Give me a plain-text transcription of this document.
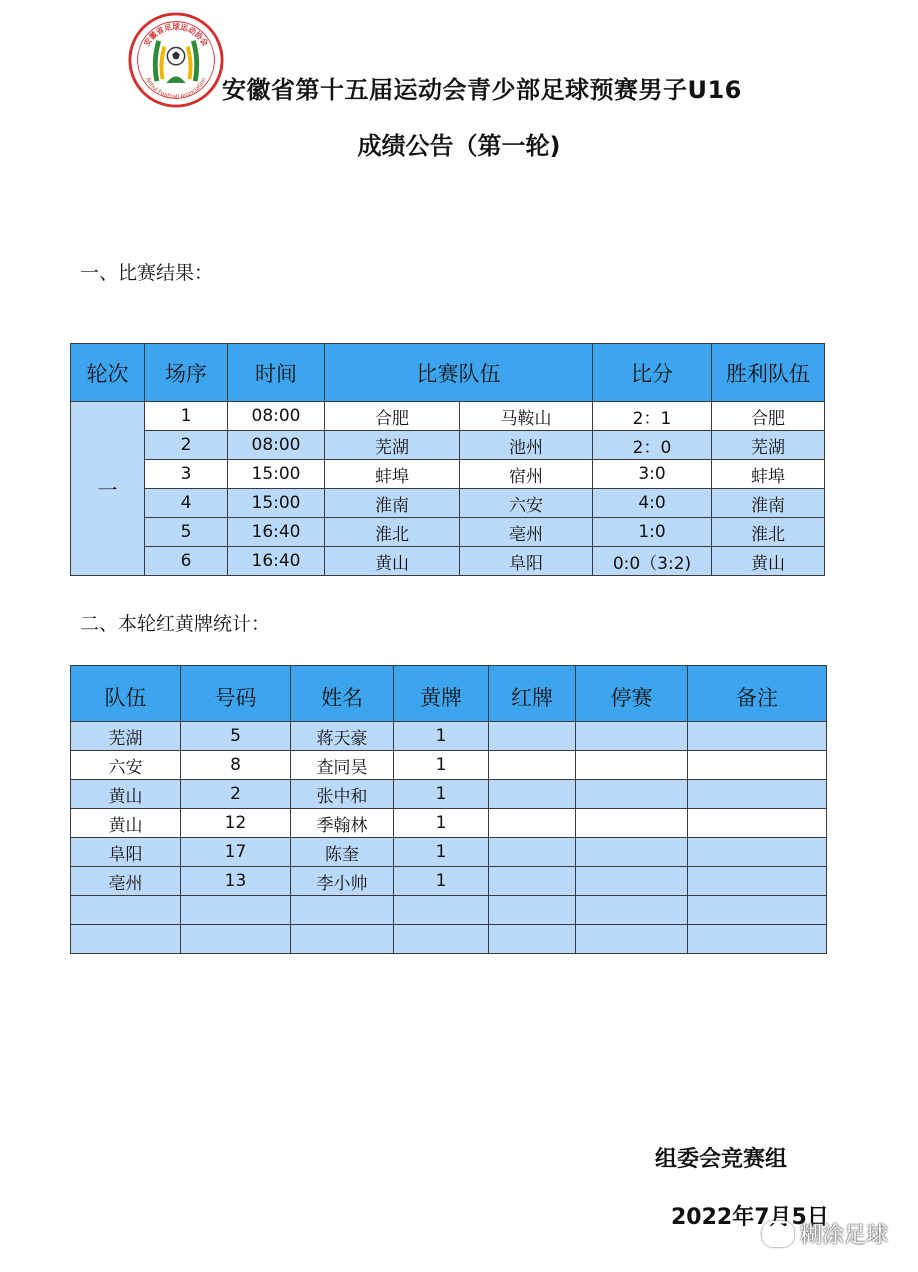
安徽省足球运动协会
Anhui Football Association 安徽省第十五届运动会青少部足球预赛男子U16
成绩公告（第一轮)
一、比赛结果：
轮次	场序	时间	比赛队伍		比分	胜利队伍
一	1	08:00	合肥	马鞍山	2：1	合肥
	2	08:00	芜湖	池州	2：0	芜湖
	3	15:00	蚌埠	宿州	3:0	蚌埠
	4	15:00	淮南	六安	4:0	淮南
	5	16:40	淮北	亳州	1:0	淮北
	6	16:40	黄山	阜阳	0:0（3:2)	黄山
二、本轮红黄牌统计：
队伍	号码	姓名	黄牌	红牌	停赛	备注
芜湖	5	蒋天豪	1			
六安	8	查同昊	1			
黄山	2	张中和	1			
黄山	12	季翰林	1			
阜阳	17	陈奎	1			
亳州	13	李小帅	1			

组委会竞赛组
2022年7月5日
糊涂足球
